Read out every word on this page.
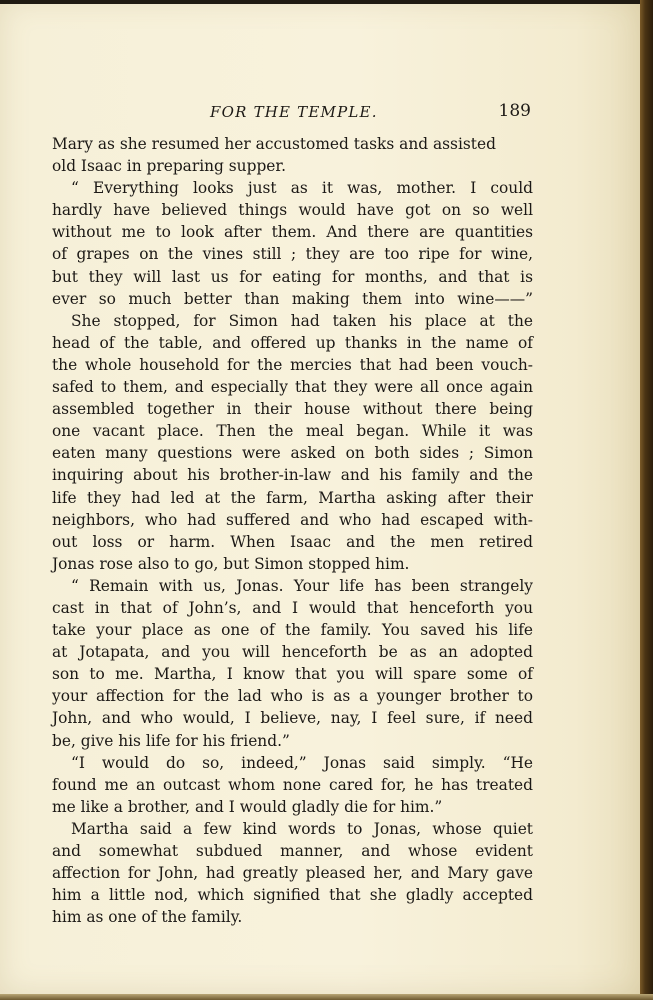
FOR THE TEMPLE.	189

Mary as she resumed her accustomed tasks and assisted

old Isaac in preparing supper.

“ Everything looks just as it was, mother. I could

hardly have believed things would have got on so well

without me to look after them. And there are quantities

of grapes on the vines still ; they are too ripe for wine,

but they will last us for eating for months, and that is

ever so much better than making them into wine——”

She stopped, for Simon had taken his place at the

head of the table, and offered up thanks in the name of

the whole household for the mercies that had been vouch-

safed to them, and especially that they were all once again

assembled together in their house without there being

one vacant place. Then the meal began. While it was

eaten many questions were asked on both sides ; Simon

inquiring about his brother-in-law and his family and the

life they had led at the farm, Martha asking after their

neighbors, who had suffered and who had escaped with-

out loss or harm. When Isaac and the men retired

Jonas rose also to go, but Simon stopped him.

“ Remain with us, Jonas. Your life has been strangely

cast in that of John’s, and I would that henceforth you

take your place as one of the family. You saved his life

at Jotapata, and you will henceforth be as an adopted

son to me. Martha, I know that you will spare some of

your affection for the lad who is as a younger brother to

John, and who would, I believe, nay, I feel sure, if need

be, give his life for his friend.”

“I would do so, indeed,” Jonas said simply. “He

found me an outcast whom none cared for, he has treated

me like a brother, and I would gladly die for him.”

Martha said a few kind words to Jonas, whose quiet

and somewhat subdued manner, and whose evident

affection for John, had greatly pleased her, and Mary gave

him a little nod, which signified that she gladly accepted

him as one of the family.
